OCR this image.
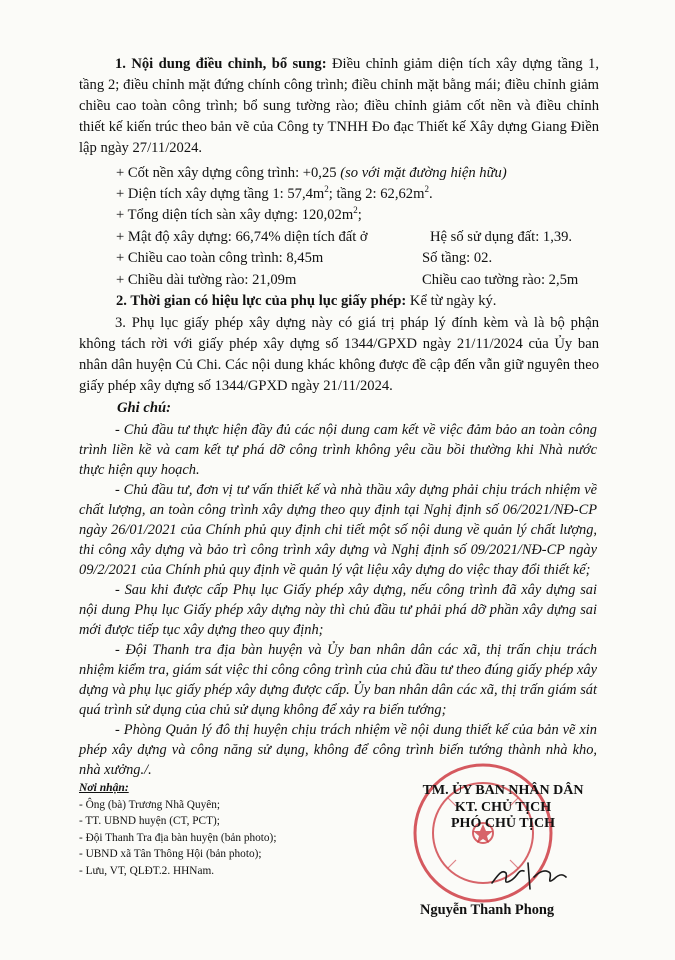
1. Nội dung điều chỉnh, bổ sung: Điều chỉnh giảm diện tích xây dựng tầng 1, tầng 2; điều chỉnh mặt đứng chính công trình; điều chỉnh mặt bằng mái; điều chỉnh giảm chiều cao toàn công trình; bổ sung tường rào; điều chỉnh giảm cốt nền và điều chỉnh thiết kế kiến trúc theo bản vẽ của Công ty TNHH Đo đạc Thiết kế Xây dựng Giang Điền lập ngày 27/11/2024.
+ Cốt nền xây dựng công trình: +0,25 (so với mặt đường hiện hữu)
+ Diện tích xây dựng tầng 1: $57,4m^2$; tầng 2: $62,62m^2$.
+ Tổng diện tích sàn xây dựng: $120,02m^2$;
+ Mật độ xây dựng: 66,74% diện tích đất ở	Hệ số sử dụng đất: 1,39.
+ Chiều cao toàn công trình: 8,45m	Số tầng: 02.
+ Chiều dài tường rào: 21,09m	Chiều cao tường rào: 2,5m
2. Thời gian có hiệu lực của phụ lục giấy phép: Kể từ ngày ký.
3. Phụ lục giấy phép xây dựng này có giá trị pháp lý đính kèm và là bộ phận không tách rời với giấy phép xây dựng số 1344/GPXD ngày 21/11/2024 của Ủy ban nhân dân huyện Củ Chi. Các nội dung khác không được đề cập đến vẫn giữ nguyên theo giấy phép xây dựng số 1344/GPXD ngày 21/11/2024.
Ghi chú:

- Chủ đầu tư thực hiện đầy đủ các nội dung cam kết về việc đảm bảo an toàn công trình liền kề và cam kết tự phá dỡ công trình không yêu cầu bồi thường khi Nhà nước thực hiện quy hoạch.

- Chủ đầu tư, đơn vị tư vấn thiết kế và nhà thầu xây dựng phải chịu trách nhiệm về chất lượng, an toàn công trình xây dựng theo quy định tại Nghị định số 06/2021/NĐ-CP ngày 26/01/2021 của Chính phủ quy định chi tiết một số nội dung về quản lý chất lượng, thi công xây dựng và bảo trì công trình xây dựng và Nghị định số 09/2021/NĐ-CP ngày 09/2/2021 của Chính phủ quy định về quản lý vật liệu xây dựng do việc thay đổi thiết kế;

- Sau khi được cấp Phụ lục Giấy phép xây dựng, nếu công trình đã xây dựng sai nội dung Phụ lục Giấy phép xây dựng này thì chủ đầu tư phải phá dỡ phần xây dựng sai mới được tiếp tục xây dựng theo quy định;

- Đội Thanh tra địa bàn huyện và Ủy ban nhân dân các xã, thị trấn chịu trách nhiệm kiểm tra, giám sát việc thi công công trình của chủ đầu tư theo đúng giấy phép xây dựng và phụ lục giấy phép xây dựng được cấp. Ủy ban nhân dân các xã, thị trấn giám sát quá trình sử dụng của chủ sử dụng không để xảy ra biến tướng;

- Phòng Quản lý đô thị huyện chịu trách nhiệm về nội dung thiết kế của bản vẽ xin phép xây dựng và công năng sử dụng, không để công trình biến tướng thành nhà kho, nhà xưởng./.

Nơi nhận:
- Ông (bà) Trương Nhã Quyên;
- TT. UBND huyện (CT, PCT);
- Đội Thanh Tra địa bàn huyện (bản photo);
- UBND xã Tân Thông Hội (bản photo);
- Lưu, VT, QLĐT.2. HHNam.
TM. ỦY BAN NHÂN DÂN
KT. CHỦ TỊCH
PHÓ CHỦ TỊCH
Nguyễn Thanh Phong
